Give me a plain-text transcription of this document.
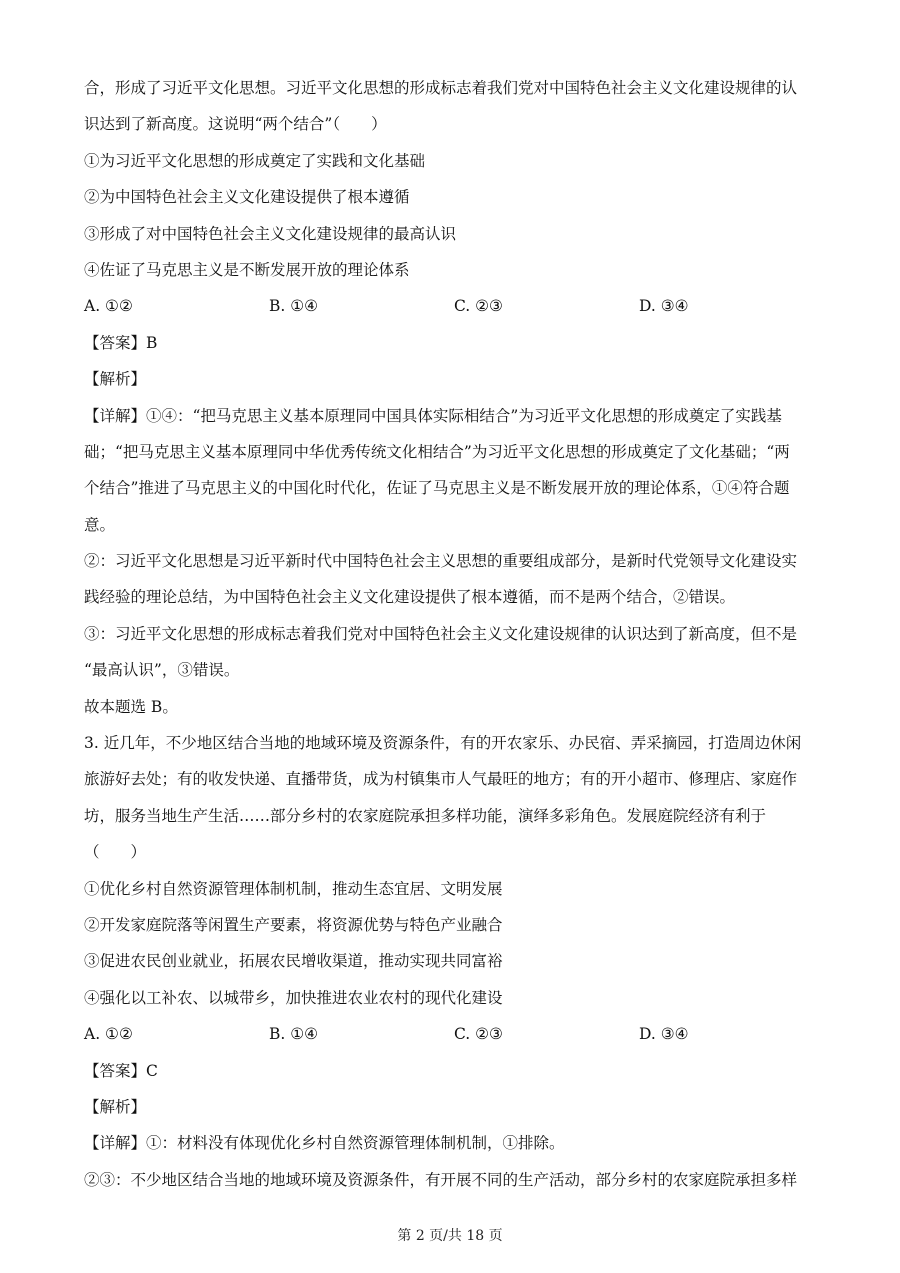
合，形成了习近平文化思想。习近平文化思想的形成标志着我们党对中国特色社会主义文化建设规律的认
识达到了新高度。这说明“两个结合”（　　）
①为习近平文化思想的形成奠定了实践和文化基础
②为中国特色社会主义文化建设提供了根本遵循
③形成了对中国特色社会主义文化建设规律的最高认识
④佐证了马克思主义是不断发展开放的理论体系
A. ①②	B. ①④	C. ②③	D. ③④
【答案】B
【解析】
【详解】①④：“把马克思主义基本原理同中国具体实际相结合”为习近平文化思想的形成奠定了实践基
础；“把马克思主义基本原理同中华优秀传统文化相结合”为习近平文化思想的形成奠定了文化基础；“两
个结合”推进了马克思主义的中国化时代化，佐证了马克思主义是不断发展开放的理论体系，①④符合题
意。
②：习近平文化思想是习近平新时代中国特色社会主义思想的重要组成部分，是新时代党领导文化建设实
践经验的理论总结，为中国特色社会主义文化建设提供了根本遵循，而不是两个结合，②错误。
③：习近平文化思想的形成标志着我们党对中国特色社会主义文化建设规律的认识达到了新高度，但不是
“最高认识”，③错误。
故本题选 B。
3. 近几年，不少地区结合当地的地域环境及资源条件，有的开农家乐、办民宿、弄采摘园，打造周边休闲
旅游好去处；有的收发快递、直播带货，成为村镇集市人气最旺的地方；有的开小超市、修理店、家庭作
坊，服务当地生产生活……部分乡村的农家庭院承担多样功能，演绎多彩角色。发展庭院经济有利于
（　　）
①优化乡村自然资源管理体制机制，推动生态宜居、文明发展
②开发家庭院落等闲置生产要素，将资源优势与特色产业融合
③促进农民创业就业，拓展农民增收渠道，推动实现共同富裕
④强化以工补农、以城带乡，加快推进农业农村的现代化建设
A. ①②	B. ①④	C. ②③	D. ③④
【答案】C
【解析】
【详解】①：材料没有体现优化乡村自然资源管理体制机制，①排除。
②③：不少地区结合当地的地域环境及资源条件，有开展不同的生产活动，部分乡村的农家庭院承担多样
第 2 页/共 18 页
